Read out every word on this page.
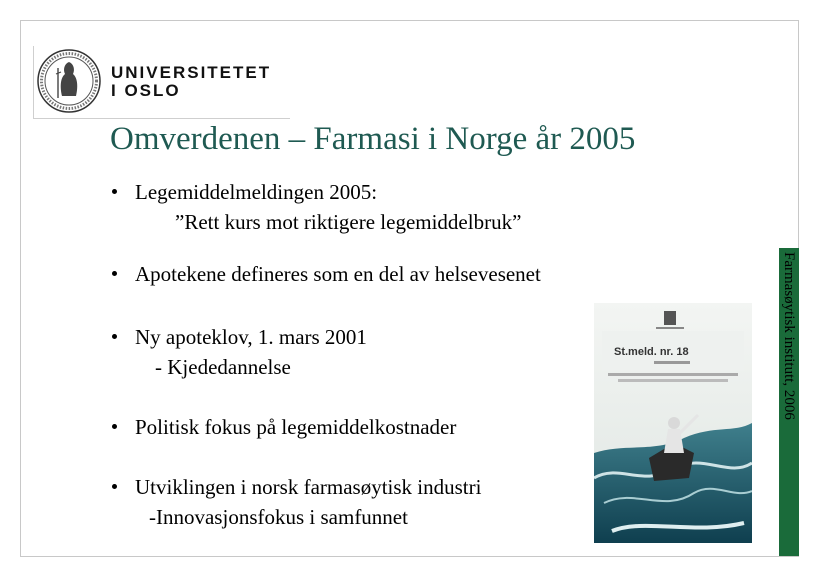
UNIVERSITETET
I OSLO
Omverdenen – Farmasi i Norge år 2005
Legemiddelmeldingen 2005:
”Rett kurs mot riktigere legemiddelbruk”
Apotekene defineres som en del av helsevesenet
Ny apoteklov, 1. mars 2001
- Kjededannelse
Politisk fokus på legemiddelkostnader
Utviklingen i norsk farmasøytisk industri
-Innovasjonsfokus i samfunnet
St.meld. nr. 18	Farmasøytisk institutt, 2006
